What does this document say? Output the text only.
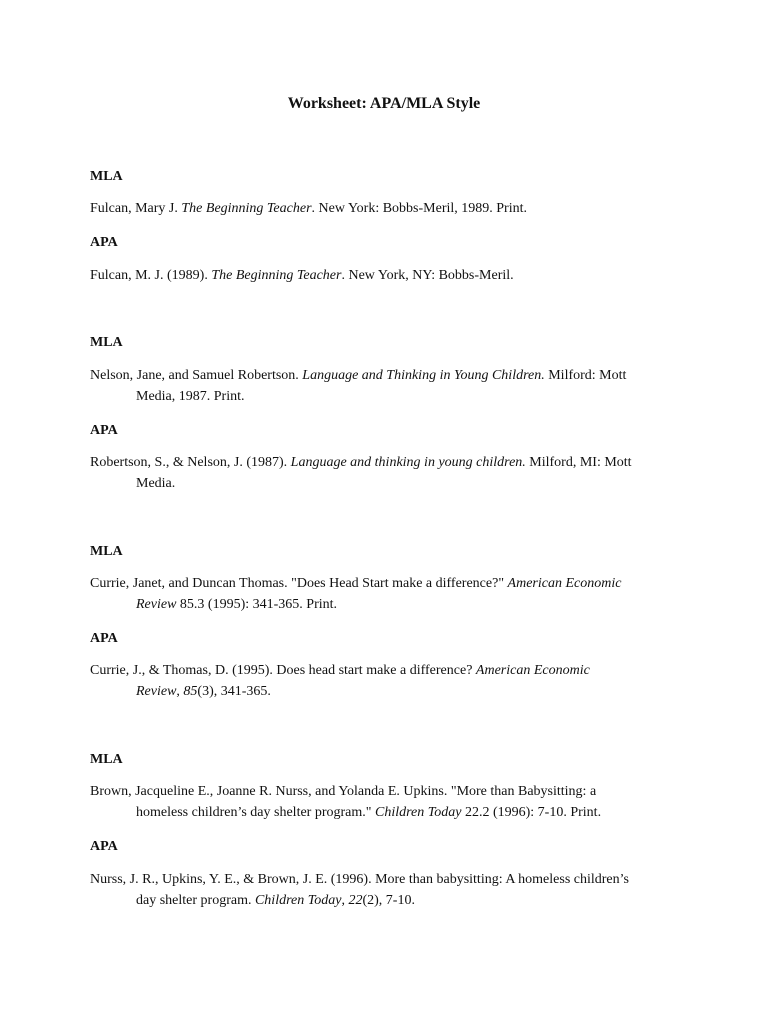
Worksheet: APA/MLA Style
MLA
Fulcan, Mary J. The Beginning Teacher. New York: Bobbs-Meril, 1989. Print.
APA
Fulcan, M. J. (1989). The Beginning Teacher. New York, NY: Bobbs-Meril.
MLA
Nelson, Jane, and Samuel Robertson. Language and Thinking in Young Children. Milford: Mott
Media, 1987. Print.
APA
Robertson, S., & Nelson, J. (1987). Language and thinking in young children. Milford, MI: Mott
Media.
MLA
Currie, Janet, and Duncan Thomas. "Does Head Start make a difference?" American Economic
Review 85.3 (1995): 341-365. Print.
APA
Currie, J., & Thomas, D. (1995). Does head start make a difference? American Economic
Review, 85(3), 341-365.
MLA
Brown, Jacqueline E., Joanne R. Nurss, and Yolanda E. Upkins. "More than Babysitting: a
homeless children’s day shelter program." Children Today 22.2 (1996): 7-10. Print.
APA
Nurss, J. R., Upkins, Y. E., & Brown, J. E. (1996). More than babysitting: A homeless children’s
day shelter program. Children Today, 22(2), 7-10.
